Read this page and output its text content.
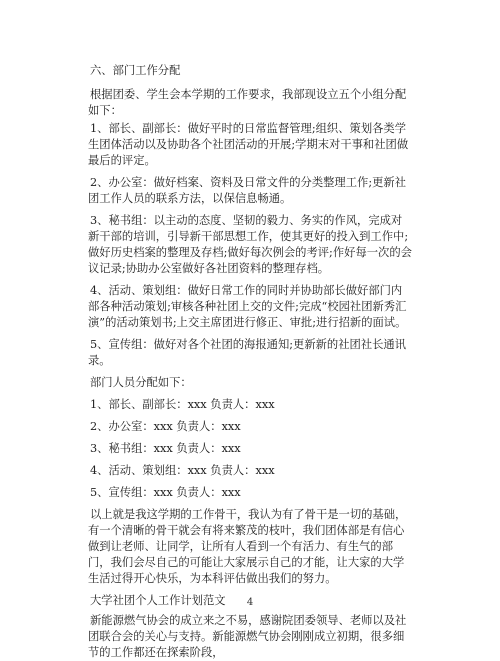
六、部门工作分配

根据团委、学生会本学期的工作要求，我部现设立五个小组分配如下：

1、部长、副部长：做好平时的日常监督管理;组织、策划各类学生团体活动以及协助各个社团活动的开展;学期末对干事和社团做最后的评定。

2、办公室：做好档案、资料及日常文件的分类整理工作;更新社团工作人员的联系方法，以保信息畅通。

3、秘书组：以主动的态度、坚韧的毅力、务实的作风，完成对新干部的培训，引导新干部思想工作，使其更好的投入到工作中;做好历史档案的整理及存档;做好每次例会的考评;作好每一次的会议记录;协助办公室做好各社团资料的整理存档。

4、活动、策划组：做好日常工作的同时并协助部长做好部门内部各种活动策划;审核各种社团上交的文件;完成“校园社团新秀汇演”的活动策划书;上交主席团进行修正、审批;进行招新的面试。

5、宣传组：做好对各个社团的海报通知;更新新的社团社长通讯录。

部门人员分配如下：

1、部长、副部长：xxx 负责人：xxx

2、办公室：xxx 负责人：xxx

3、秘书组：xxx 负责人：xxx

4、活动、策划组：xxx 负责人：xxx

5、宣传组：xxx 负责人：xxx

以上就是我这学期的工作骨干，我认为有了骨干是一切的基础，有一个清晰的骨干就会有将来繁茂的枝叶，我们团体部是有信心做到让老师、让同学，让所有人看到一个有活力、有生气的部门，我们会尽自己的可能让大家展示自己的才能，让大家的大学生活过得开心快乐，为本科评估做出我们的努力。

大学社团个人工作计划范文

新能源燃气协会的成立来之不易，感谢院团委领导、老师以及社团联合会的关心与支持。新能源燃气协会刚刚成立初期，很多细节的工作都还在探索阶段，

4
